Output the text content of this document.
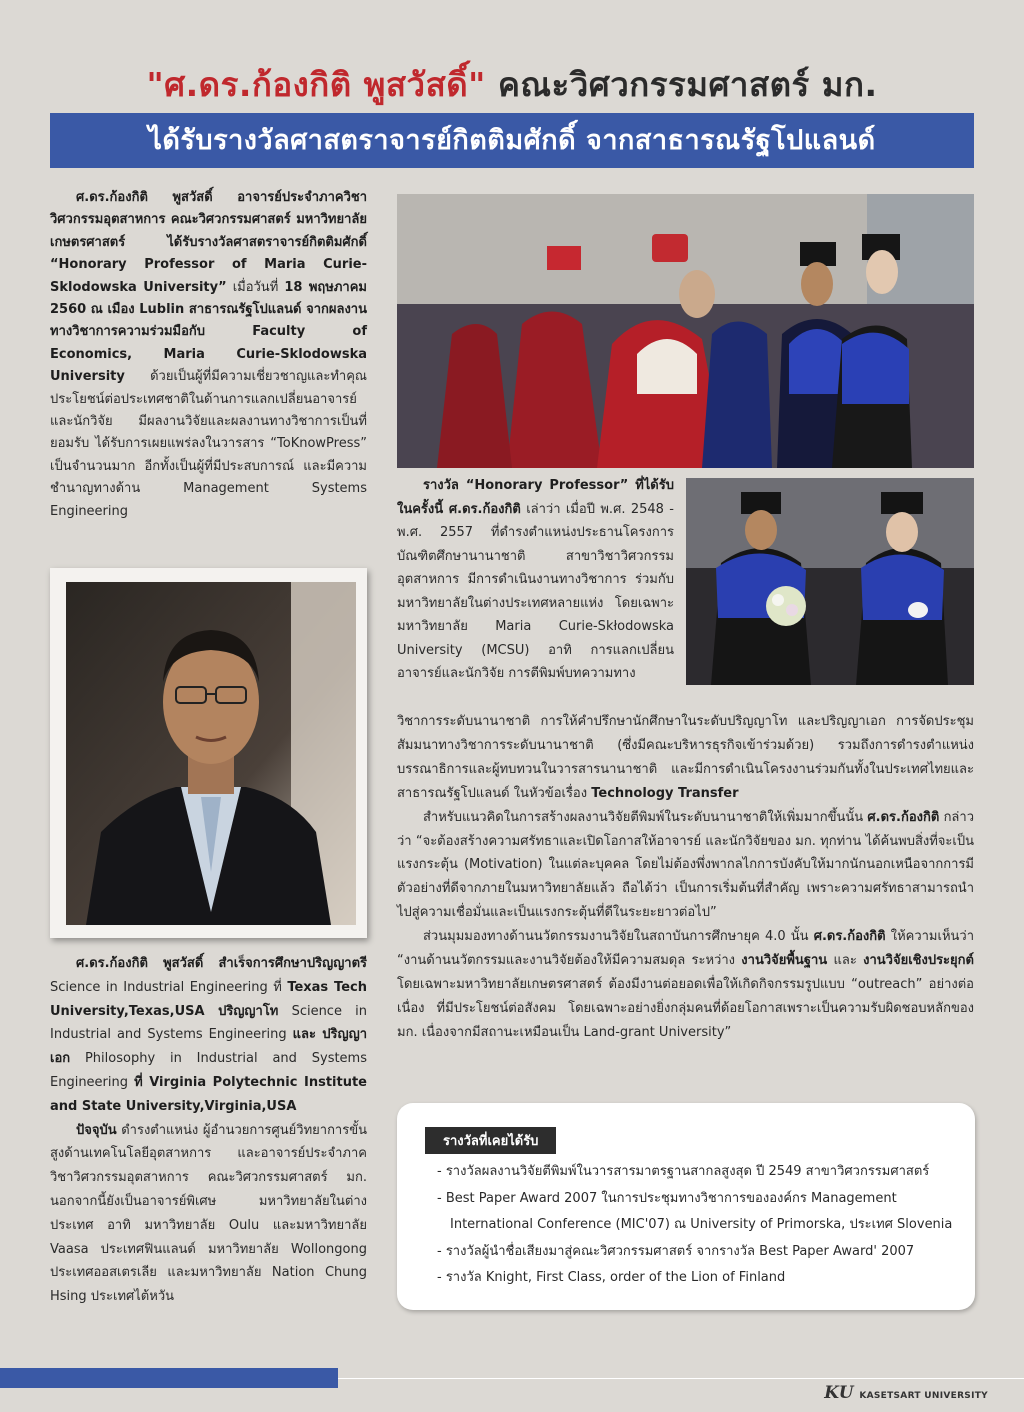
"ศ.ดร.ก้องกิติ พูสวัสดิ์" คณะวิศวกรรมศาสตร์ มก.
ได้รับรางวัลศาสตราจารย์กิตติมศักดิ์ จากสาธารณรัฐโปแลนด์

ศ.ดร.ก้องกิติ พูสวัสดิ์ อาจารย์ประจำภาควิชาวิศวกรรมอุตสาหการ คณะวิศวกรรมศาสตร์ มหาวิทยาลัยเกษตรศาสตร์ ได้รับรางวัลศาสตราจารย์กิตติมศักดิ์ “Honorary Professor of Maria Curie-Sklodowska University” เมื่อวันที่ 18 พฤษภาคม 2560 ณ เมือง Lublin สาธารณรัฐโปแลนด์ จากผลงานทางวิชาการความร่วมมือกับ Faculty of Economics, Maria Curie-Sklodowska University ด้วยเป็นผู้ที่มีความเชี่ยวชาญและทำคุณประโยชน์ต่อประเทศชาติในด้านการแลกเปลี่ยนอาจารย์และนักวิจัย มีผลงานวิจัยและผลงานทางวิชาการเป็นที่ยอมรับ ได้รับการเผยแพร่ลงในวารสาร “ToKnowPress” เป็นจำนวนมาก อีกทั้งเป็นผู้ที่มีประสบการณ์ และมีความชำนาญทางด้าน Management Systems Engineering

รางวัล “Honorary Professor” ที่ได้รับในครั้งนี้ ศ.ดร.ก้องกิติ เล่าว่า เมื่อปี พ.ศ. 2548 - พ.ศ. 2557 ที่ดำรงตำแหน่งประธานโครงการบัณฑิตศึกษานานาชาติ สาขาวิชาวิศวกรรมอุตสาหการ มีการดำเนินงานทางวิชาการ ร่วมกับมหาวิทยาลัยในต่างประเทศหลายแห่ง โดยเฉพาะมหาวิทยาลัย Maria Curie-Skłodowska University (MCSU) อาทิ การแลกเปลี่ยนอาจารย์และนักวิจัย การตีพิมพ์บทความทาง

วิชาการระดับนานาชาติ การให้คำปรึกษานักศึกษาในระดับปริญญาโท และปริญญาเอก การจัดประชุมสัมมนาทางวิชาการระดับนานาชาติ (ซึ่งมีคณะบริหารธุรกิจเข้าร่วมด้วย) รวมถึงการดำรงตำแหน่งบรรณาธิการและผู้ทบทวนในวารสารนานาชาติ และมีการดำเนินโครงงานร่วมกันทั้งในประเทศไทยและสาธารณรัฐโปแลนด์ ในหัวข้อเรื่อง Technology Transfer

สำหรับแนวคิดในการสร้างผลงานวิจัยตีพิมพ์ในระดับนานาชาติให้เพิ่มมากขึ้นนั้น ศ.ดร.ก้องกิติ กล่าวว่า “จะต้องสร้างความศรัทธาและเปิดโอกาสให้อาจารย์ และนักวิจัยของ มก. ทุกท่าน ได้ค้นพบสิ่งที่จะเป็นแรงกระตุ้น (Motivation) ในแต่ละบุคคล โดยไม่ต้องพึ่งพากลไกการบังคับให้มากนักนอกเหนือจากการมีตัวอย่างที่ดีจากภายในมหาวิทยาลัยแล้ว ถือได้ว่า เป็นการเริ่มต้นที่สำคัญ เพราะความศรัทธาสามารถนำไปสู่ความเชื่อมั่นและเป็นแรงกระตุ้นที่ดีในระยะยาวต่อไป”

ส่วนมุมมองทางด้านนวัตกรรมงานวิจัยในสถาบันการศึกษายุค 4.0 นั้น ศ.ดร.ก้องกิติ ให้ความเห็นว่า “งานด้านนวัตกรรมและงานวิจัยต้องให้มีความสมดุล ระหว่าง งานวิจัยพื้นฐาน และ งานวิจัยเชิงประยุกต์ โดยเฉพาะมหาวิทยาลัยเกษตรศาสตร์ ต้องมีงานต่อยอดเพื่อให้เกิดกิจกรรมรูปแบบ “outreach” อย่างต่อเนื่อง ที่มีประโยชน์ต่อสังคม โดยเฉพาะอย่างยิ่งกลุ่มคนที่ด้อยโอกาสเพราะเป็นความรับผิดชอบหลักของ มก. เนื่องจากมีสถานะเหมือนเป็น Land-grant University”

ศ.ดร.ก้องกิติ พูสวัสดิ์ สำเร็จการศึกษาปริญญาตรี Science in Industrial Engineering ที่ Texas Tech University,Texas,USA ปริญญาโท Science in Industrial and Systems Engineering และ ปริญญาเอก Philosophy in Industrial and Systems Engineering ที่ Virginia Polytechnic Institute and State University,Virginia,USA

ปัจจุบัน ดำรงตำแหน่ง ผู้อำนวยการศูนย์วิทยาการขั้นสูงด้านเทคโนโลยีอุตสาหการ และอาจารย์ประจำภาควิชาวิศวกรรมอุตสาหการ คณะวิศวกรรมศาสตร์ มก. นอกจากนี้ยังเป็นอาจารย์พิเศษ มหาวิทยาลัยในต่างประเทศ อาทิ มหาวิทยาลัย Oulu และมหาวิทยาลัย Vaasa ประเทศฟินแลนด์ มหาวิทยาลัย Wollongong ประเทศออสเตรเลีย และมหาวิทยาลัย Nation Chung Hsing ประเทศไต้หวัน

รางวัลที่เคยได้รับ
- รางวัลผลงานวิจัยตีพิมพ์ในวารสารมาตรฐานสากลสูงสุด ปี 2549 สาขาวิศวกรรมศาสตร์
- Best Paper Award 2007 ในการประชุมทางวิชาการขององค์กร Management International Conference (MIC'07) ณ University of Primorska, ประเทศ Slovenia
- รางวัลผู้นำชื่อเสียงมาสู่คณะวิศวกรรมศาสตร์ จากรางวัล Best Paper Award' 2007
- รางวัล Knight, First Class, order of the Lion of Finland
KU KASETSART UNIVERSITY
